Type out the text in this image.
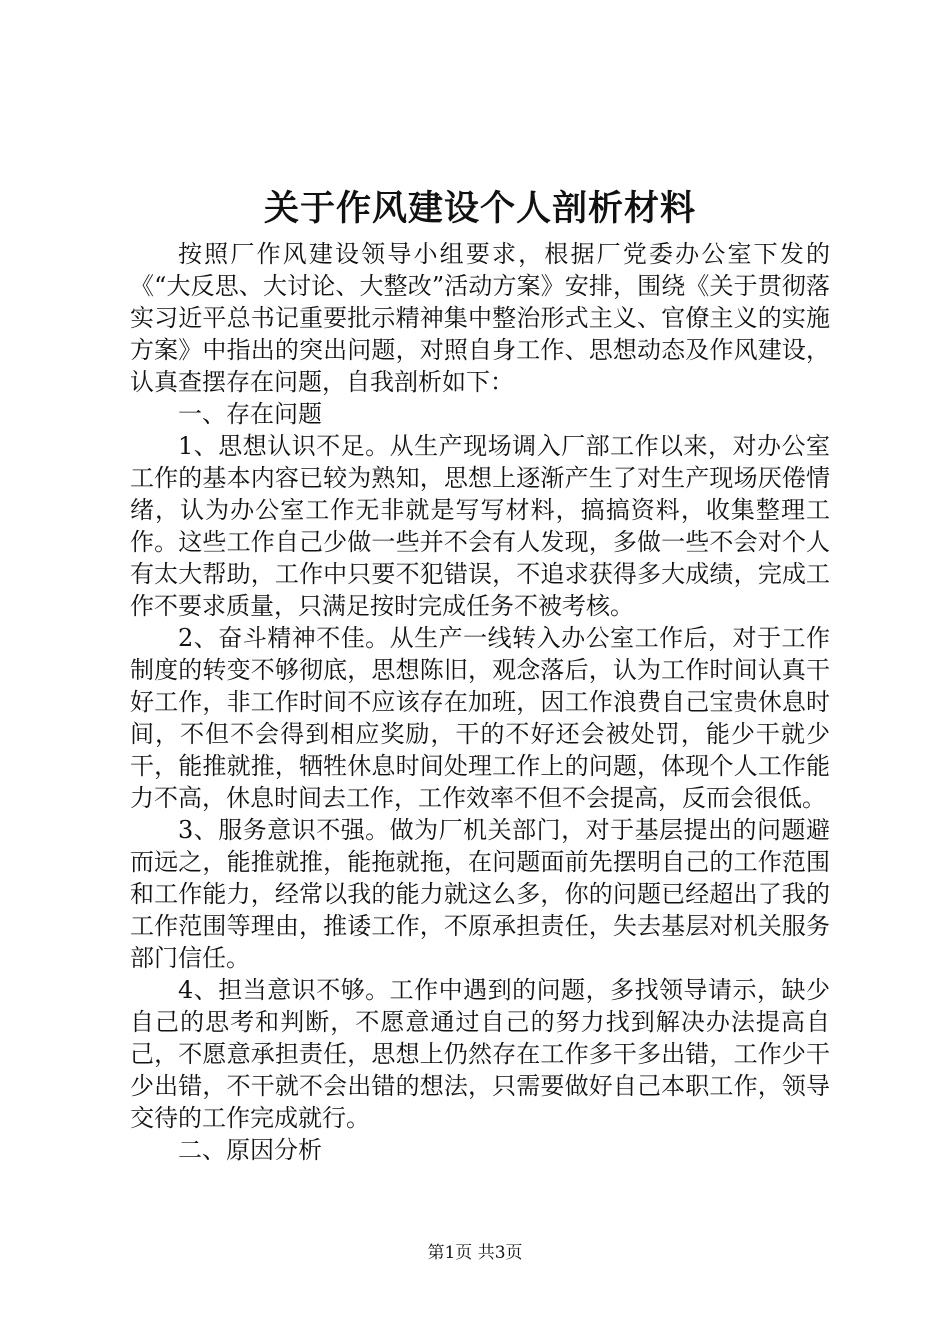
关于作风建设个人剖析材料

按照厂作风建设领导小组要求，根据厂党委办公室下发的《“大反思、大讨论、大整改”活动方案》安排，围绕《关于贯彻落实习近平总书记重要批示精神集中整治形式主义、官僚主义的实施方案》中指出的突出问题，对照自身工作、思想动态及作风建设，认真查摆存在问题，自我剖析如下：

一、存在问题

1、思想认识不足。从生产现场调入厂部工作以来，对办公室工作的基本内容已较为熟知，思想上逐渐产生了对生产现场厌倦情绪，认为办公室工作无非就是写写材料，搞搞资料，收集整理工作。这些工作自己少做一些并不会有人发现，多做一些不会对个人有太大帮助，工作中只要不犯错误，不追求获得多大成绩，完成工作不要求质量，只满足按时完成任务不被考核。

2、奋斗精神不佳。从生产一线转入办公室工作后，对于工作制度的转变不够彻底，思想陈旧，观念落后，认为工作时间认真干好工作，非工作时间不应该存在加班，因工作浪费自己宝贵休息时间，不但不会得到相应奖励，干的不好还会被处罚，能少干就少干，能推就推，牺牲休息时间处理工作上的问题，体现个人工作能力不高，休息时间去工作，工作效率不但不会提高，反而会很低。

3、服务意识不强。做为厂机关部门，对于基层提出的问题避而远之，能推就推，能拖就拖，在问题面前先摆明自己的工作范围和工作能力，经常以我的能力就这么多，你的问题已经超出了我的工作范围等理由，推诿工作，不原承担责任，失去基层对机关服务部门信任。

4、担当意识不够。工作中遇到的问题，多找领导请示，缺少自己的思考和判断，不愿意通过自己的努力找到解决办法提高自己，不愿意承担责任，思想上仍然存在工作多干多出错，工作少干少出错，不干就不会出错的想法，只需要做好自己本职工作，领导交待的工作完成就行。

二、原因分析

第1页 共3页
